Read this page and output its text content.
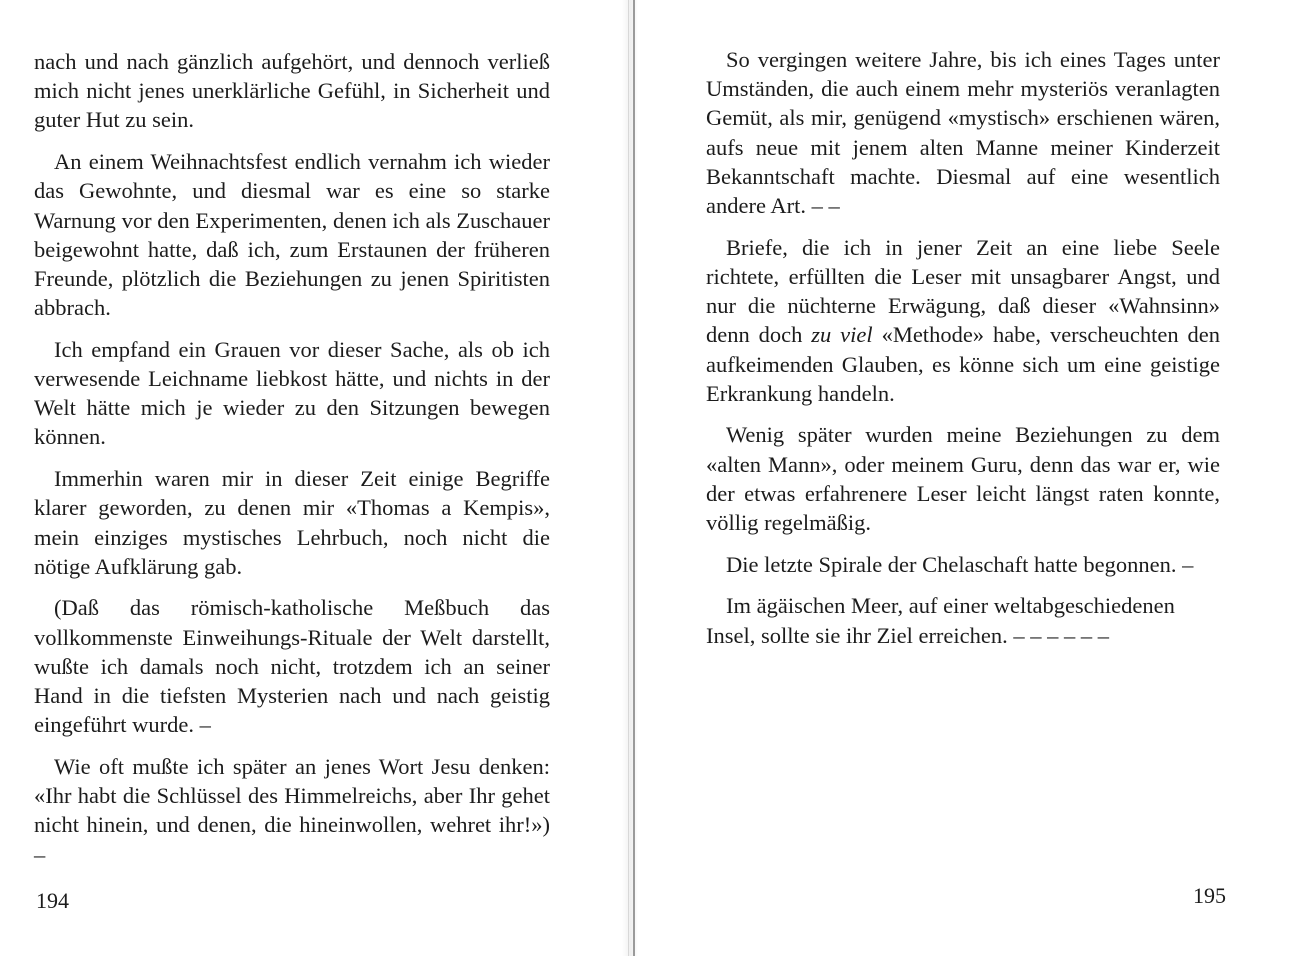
nach und nach gänzlich aufgehört, und dennoch verließ mich nicht jenes unerklärliche Gefühl, in Sicherheit und guter Hut zu sein.

An einem Weihnachtsfest endlich vernahm ich wieder das Gewohnte, und diesmal war es eine so starke Warnung vor den Experimenten, denen ich als Zuschauer beigewohnt hatte, daß ich, zum Erstaunen der früheren Freunde, plötzlich die Beziehungen zu jenen Spiritisten abbrach.

Ich empfand ein Grauen vor dieser Sache, als ob ich verwesende Leichname liebkost hätte, und nichts in der Welt hätte mich je wieder zu den Sitzungen bewegen können.

Immerhin waren mir in dieser Zeit einige Begriffe klarer geworden, zu denen mir «Thomas a Kempis», mein einziges mystisches Lehrbuch, noch nicht die nötige Aufklärung gab.

(Daß das römisch-katholische Meßbuch das vollkommenste Einweihungs-Rituale der Welt darstellt, wußte ich damals noch nicht, trotzdem ich an seiner Hand in die tiefsten Mysterien nach und nach geistig eingeführt wurde. –

Wie oft mußte ich später an jenes Wort Jesu denken: «Ihr habt die Schlüssel des Himmelreichs, aber Ihr gehet nicht hinein, und denen, die hineinwollen, wehret ihr!») –

194

So vergingen weitere Jahre, bis ich eines Tages unter Umständen, die auch einem mehr mysteriös veranlagten Gemüt, als mir, genügend «mystisch» erschienen wären, aufs neue mit jenem alten Manne meiner Kinderzeit Bekanntschaft machte. Diesmal auf eine wesentlich andere Art. – –

Briefe, die ich in jener Zeit an eine liebe Seele richtete, erfüllten die Leser mit unsagbarer Angst, und nur die nüchterne Erwägung, daß dieser «Wahnsinn» denn doch zu viel «Methode» habe, verscheuchten den aufkeimenden Glauben, es könne sich um eine geistige Erkrankung handeln.

Wenig später wurden meine Beziehungen zu dem «alten Mann», oder meinem Guru, denn das war er, wie der etwas erfahrenere Leser leicht längst raten konnte, völlig regelmäßig.

Die letzte Spirale der Chelaschaft hatte begonnen. –

Im ägäischen Meer, auf einer weltabgeschiedenen Insel, sollte sie ihr Ziel erreichen. – – – – – –

195
